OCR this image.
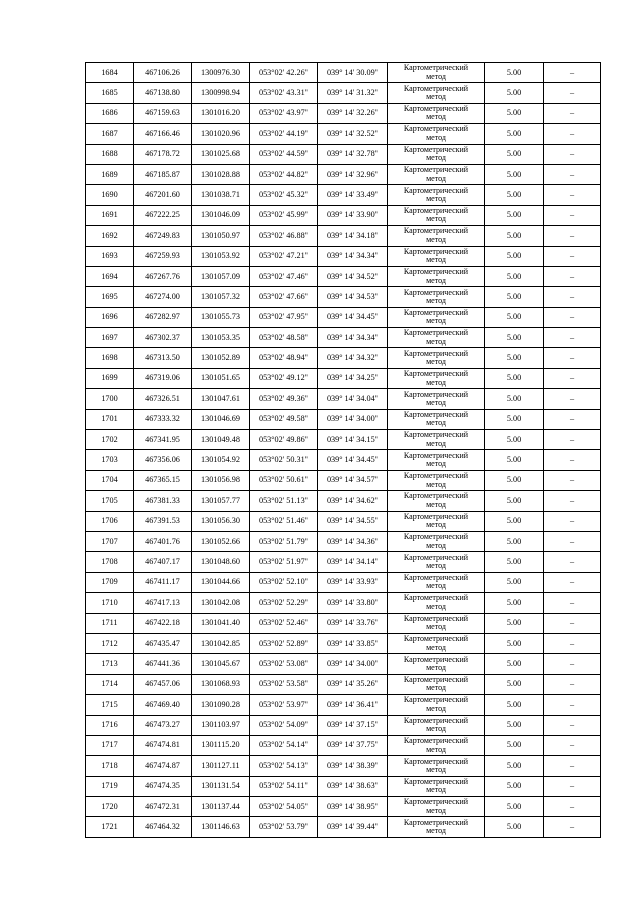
1684	467106.26	1300976.30	053°02' 42.26"	039° 14' 30.09"	Картометрический
метод	5.00	–
1685	467138.80	1300998.94	053°02' 43.31"	039° 14' 31.32"	Картометрический
метод	5.00	–
1686	467159.63	1301016.20	053°02' 43.97"	039° 14' 32.26"	Картометрический
метод	5.00	–
1687	467166.46	1301020.96	053°02' 44.19"	039° 14' 32.52"	Картометрический
метод	5.00	–
1688	467178.72	1301025.68	053°02' 44.59"	039° 14' 32.78"	Картометрический
метод	5.00	–
1689	467185.87	1301028.88	053°02' 44.82"	039° 14' 32.96"	Картометрический
метод	5.00	–
1690	467201.60	1301038.71	053°02' 45.32"	039° 14' 33.49"	Картометрический
метод	5.00	–
1691	467222.25	1301046.09	053°02' 45.99"	039° 14' 33.90"	Картометрический
метод	5.00	–
1692	467249.83	1301050.97	053°02' 46.88"	039° 14' 34.18"	Картометрический
метод	5.00	–
1693	467259.93	1301053.92	053°02' 47.21"	039° 14' 34.34"	Картометрический
метод	5.00	–
1694	467267.76	1301057.09	053°02' 47.46"	039° 14' 34.52"	Картометрический
метод	5.00	–
1695	467274.00	1301057.32	053°02' 47.66"	039° 14' 34.53"	Картометрический
метод	5.00	–
1696	467282.97	1301055.73	053°02' 47.95"	039° 14' 34.45"	Картометрический
метод	5.00	–
1697	467302.37	1301053.35	053°02' 48.58"	039° 14' 34.34"	Картометрический
метод	5.00	–
1698	467313.50	1301052.89	053°02' 48.94"	039° 14' 34.32"	Картометрический
метод	5.00	–
1699	467319.06	1301051.65	053°02' 49.12"	039° 14' 34.25"	Картометрический
метод	5.00	–
1700	467326.51	1301047.61	053°02' 49.36"	039° 14' 34.04"	Картометрический
метод	5.00	–
1701	467333.32	1301046.69	053°02' 49.58"	039° 14' 34.00"	Картометрический
метод	5.00	–
1702	467341.95	1301049.48	053°02' 49.86"	039° 14' 34.15"	Картометрический
метод	5.00	–
1703	467356.06	1301054.92	053°02' 50.31"	039° 14' 34.45"	Картометрический
метод	5.00	–
1704	467365.15	1301056.98	053°02' 50.61"	039° 14' 34.57"	Картометрический
метод	5.00	–
1705	467381.33	1301057.77	053°02' 51.13"	039° 14' 34.62"	Картометрический
метод	5.00	–
1706	467391.53	1301056.30	053°02' 51.46"	039° 14' 34.55"	Картометрический
метод	5.00	–
1707	467401.76	1301052.66	053°02' 51.79"	039° 14' 34.36"	Картометрический
метод	5.00	–
1708	467407.17	1301048.60	053°02' 51.97"	039° 14' 34.14"	Картометрический
метод	5.00	–
1709	467411.17	1301044.66	053°02' 52.10"	039° 14' 33.93"	Картометрический
метод	5.00	–
1710	467417.13	1301042.08	053°02' 52.29"	039° 14' 33.80"	Картометрический
метод	5.00	–
1711	467422.18	1301041.40	053°02' 52.46"	039° 14' 33.76"	Картометрический
метод	5.00	–
1712	467435.47	1301042.85	053°02' 52.89"	039° 14' 33.85"	Картометрический
метод	5.00	–
1713	467441.36	1301045.67	053°02' 53.08"	039° 14' 34.00"	Картометрический
метод	5.00	–
1714	467457.06	1301068.93	053°02' 53.58"	039° 14' 35.26"	Картометрический
метод	5.00	–
1715	467469.40	1301090.28	053°02' 53.97"	039° 14' 36.41"	Картометрический
метод	5.00	–
1716	467473.27	1301103.97	053°02' 54.09"	039° 14' 37.15"	Картометрический
метод	5.00	–
1717	467474.81	1301115.20	053°02' 54.14"	039° 14' 37.75"	Картометрический
метод	5.00	–
1718	467474.87	1301127.11	053°02' 54.13"	039° 14' 38.39"	Картометрический
метод	5.00	–
1719	467474.35	1301131.54	053°02' 54.11"	039° 14' 38.63"	Картометрический
метод	5.00	–
1720	467472.31	1301137.44	053°02' 54.05"	039° 14' 38.95"	Картометрический
метод	5.00	–
1721	467464.32	1301146.63	053°02' 53.79"	039° 14' 39.44"	Картометрический
метод	5.00	–
